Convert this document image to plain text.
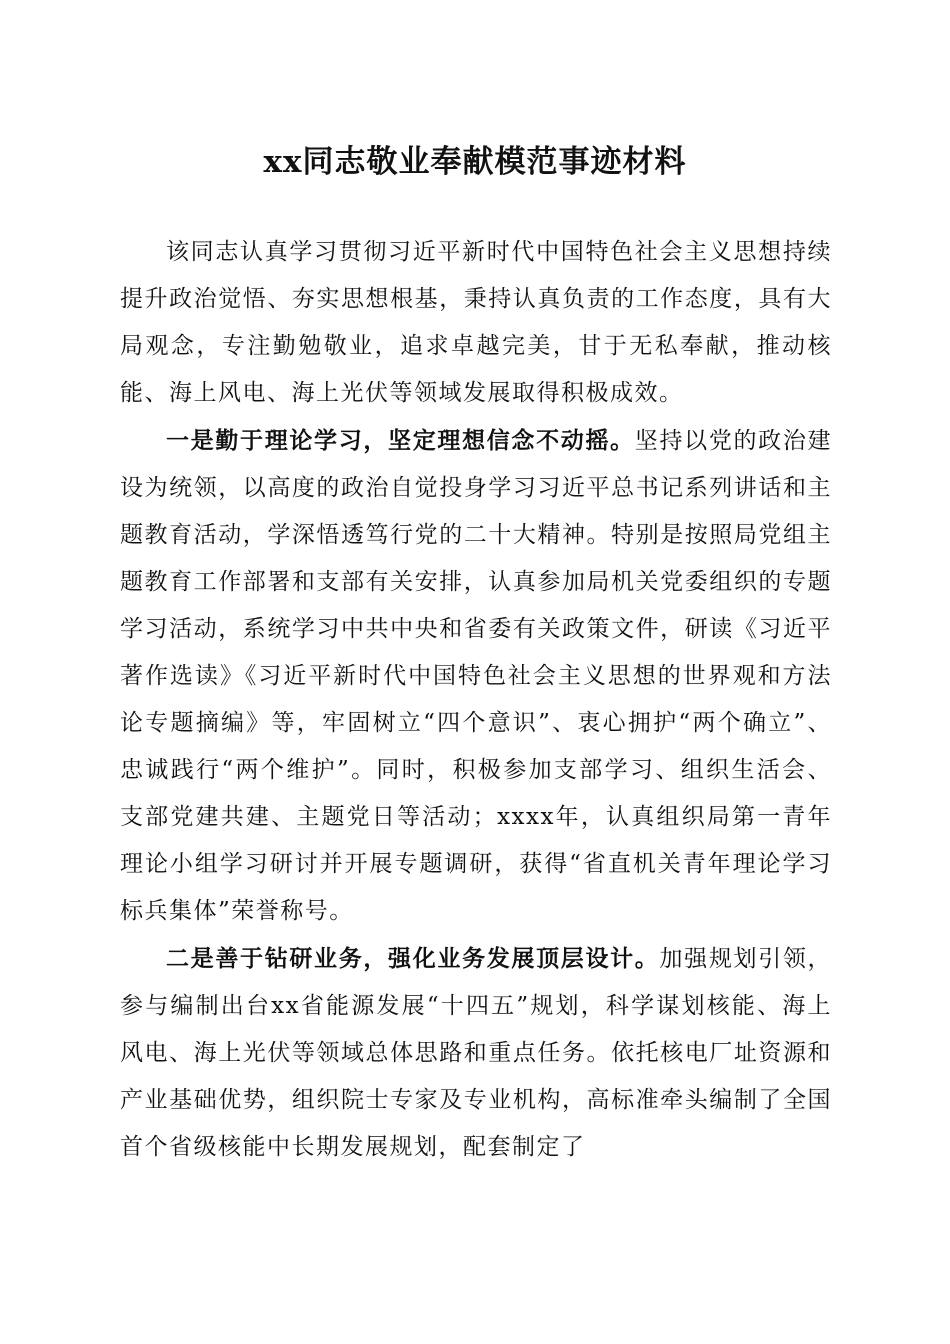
xx同志敬业奉献模范事迹材料

该同志认真学习贯彻习近平新时代中国特色社会主义思想持续提升政治觉悟、夯实思想根基，秉持认真负责的工作态度，具有大局观念，专注勤勉敬业，追求卓越完美，甘于无私奉献，推动核能、海上风电、海上光伏等领域发展取得积极成效。

一是勤于理论学习，坚定理想信念不动摇。坚持以党的政治建设为统领，以高度的政治自觉投身学习习近平总书记系列讲话和主题教育活动，学深悟透笃行党的二十大精神。特别是按照局党组主题教育工作部署和支部有关安排，认真参加局机关党委组织的专题学习活动，系统学习中共中央和省委有关政策文件，研读《习近平著作选读》《习近平新时代中国特色社会主义思想的世界观和方法论专题摘编》等，牢固树立“四个意识”、衷心拥护“两个确立”、忠诚践行“两个维护”。同时，积极参加支部学习、组织生活会、支部党建共建、主题党日等活动；xxxx年，认真组织局第一青年理论小组学习研讨并开展专题调研，获得“省直机关青年理论学习标兵集体”荣誉称号。

二是善于钻研业务，强化业务发展顶层设计。加强规划引领，参与编制出台xx省能源发展“十四五”规划，科学谋划核能、海上风电、海上光伏等领域总体思路和重点任务。依托核电厂址资源和产业基础优势，组织院士专家及专业机构，高标准牵头编制了全国首个省级核能中长期发展规划，配套制定了
